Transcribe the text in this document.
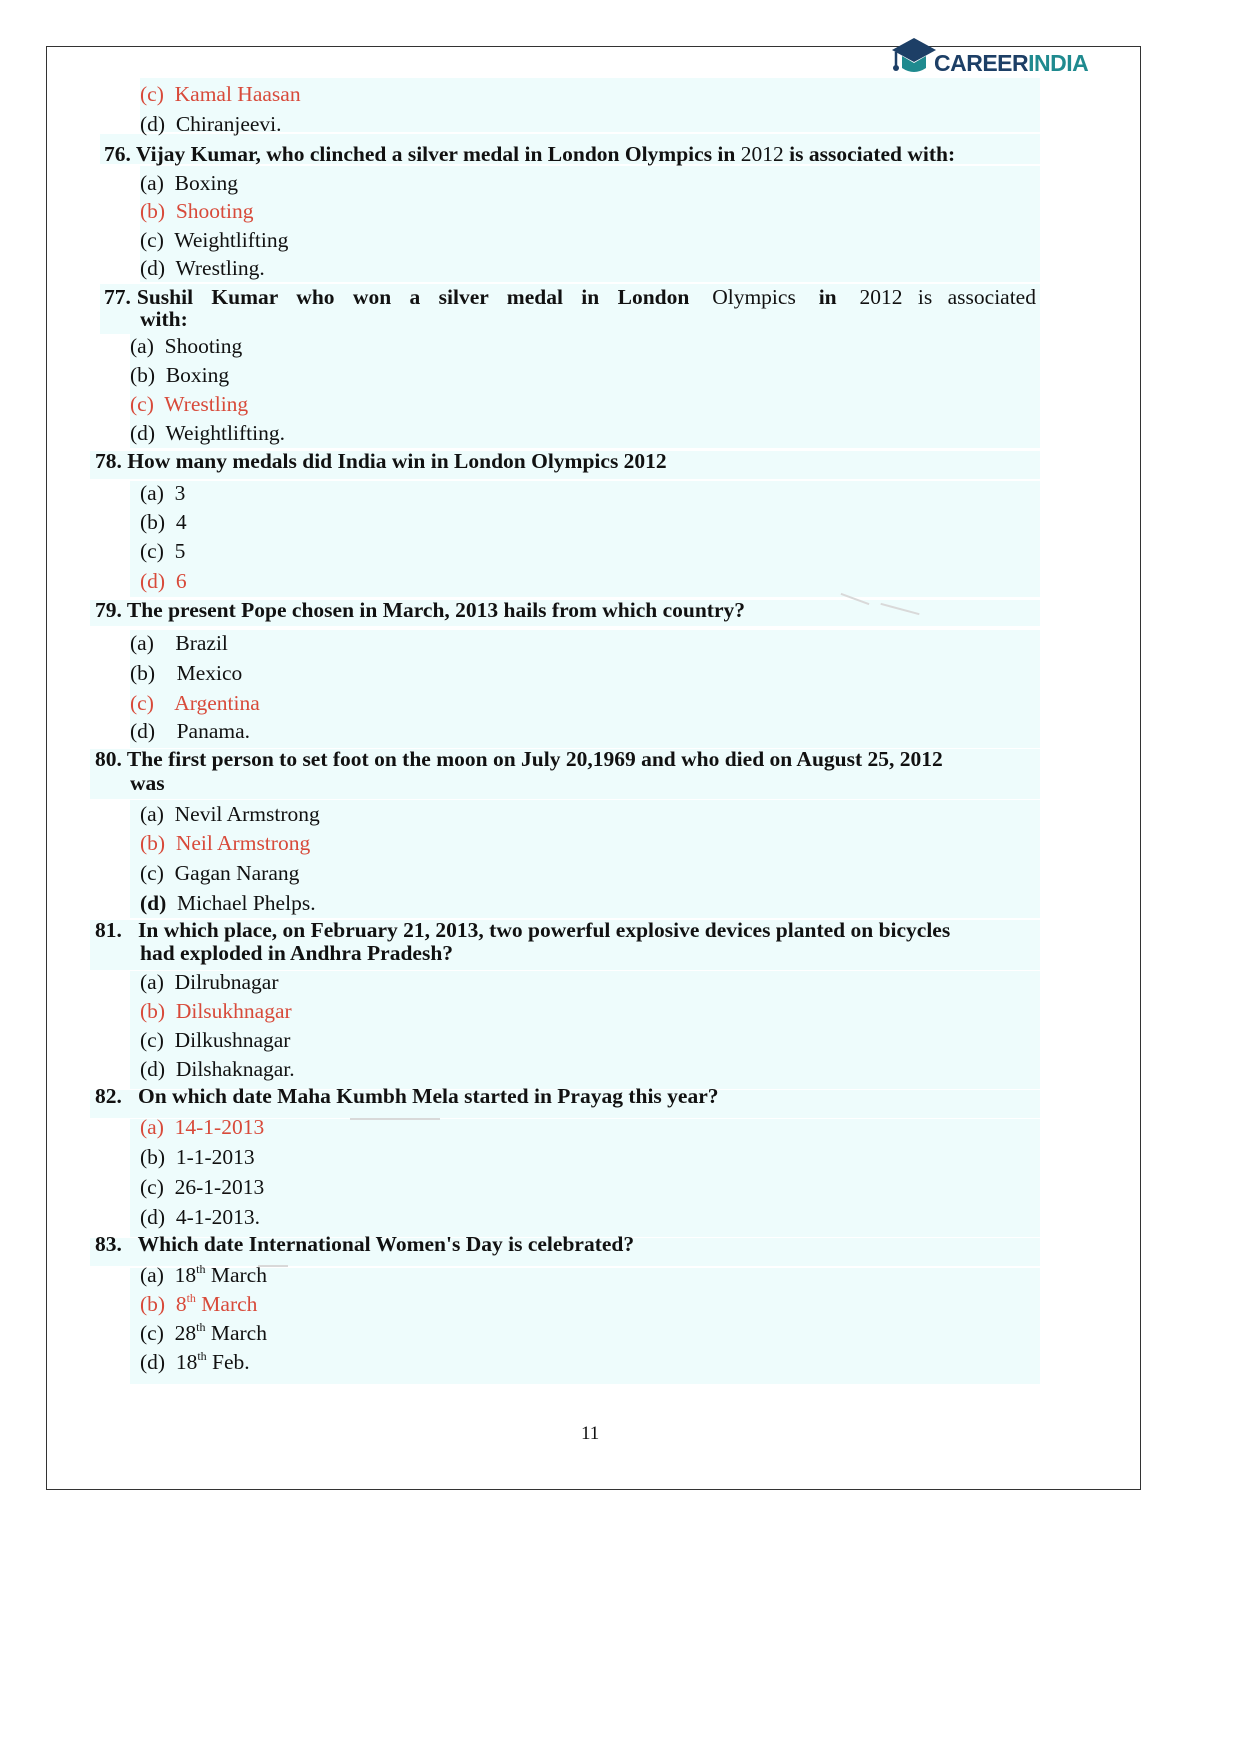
CAREERINDIA
(c) Kamal Haasan
(d) Chiranjeevi.
76. Vijay Kumar, who clinched a silver medal in London Olympics in 2012 is associated with:
(a) Boxing
(b) Shooting
(c) Weightlifting
(d) Wrestling.
77. Sushil Kumar who won a silver medal in London Olympics in 2012 is associated
with:
(a) Shooting
(b) Boxing
(c) Wrestling
(d) Weightlifting.
78. How many medals did India win in London Olympics 2012
(a) 3
(b) 4
(c) 5
(d) 6
79. The present Pope chosen in March, 2013 hails from which country?
(a) Brazil
(b) Mexico
(c) Argentina
(d) Panama.
80. The first person to set foot on the moon on July 20,1969 and who died on August 25, 2012
was
(a) Nevil Armstrong
(b) Neil Armstrong
(c) Gagan Narang
(d) Michael Phelps.
81. In which place, on February 21, 2013, two powerful explosive devices planted on bicycles
had exploded in Andhra Pradesh?
(a) Dilrubnagar
(b) Dilsukhnagar
(c) Dilkushnagar
(d) Dilshaknagar.
82. On which date Maha Kumbh Mela started in Prayag this year?
(a) 14-1-2013
(b) 1-1-2013
(c) 26-1-2013
(d) 4-1-2013.
83. Which date International Women's Day is celebrated?
(a) 18th March
(b) 8th March
(c) 28th March
(d) 18th Feb.
11
